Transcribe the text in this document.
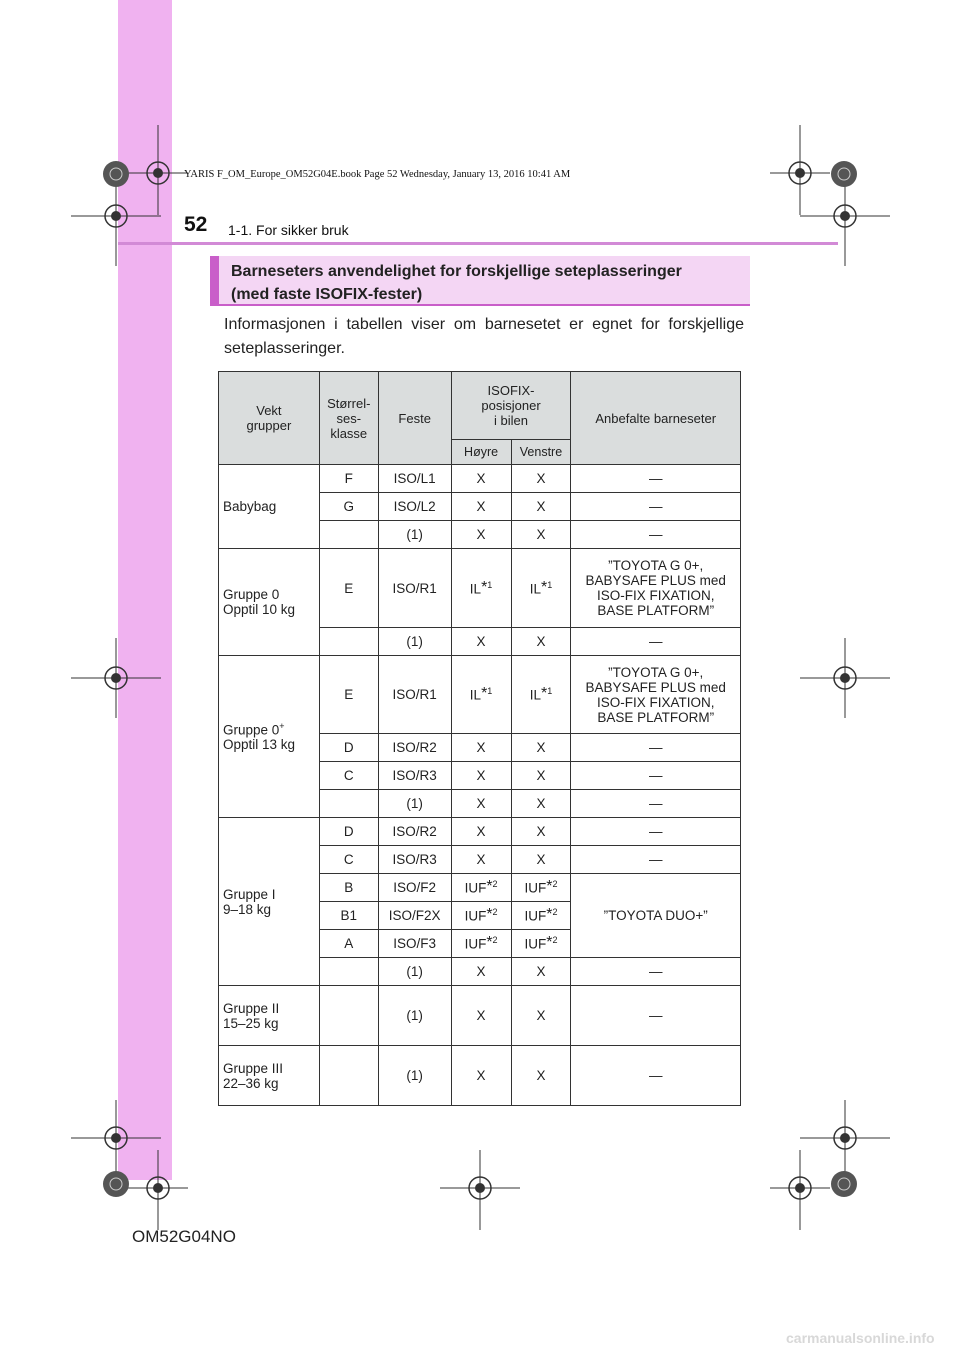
YARIS F_OM_Europe_OM52G04E.book Page 52 Wednesday, January 13, 2016 10:41 AM
52 1-1. For sikker bruk
Barneseters anvendelighet for forskjellige seteplasseringer
(med faste ISOFIX-fester)
Informasjonen i tabellen viser om barnesetet er egnet for forskjellige seteplasseringer.
Vekt
grupper	Størrel-
ses-
klasse	Feste	ISOFIX-
posisjoner
i bilen		Anbefalte barneseter
			Høyre	Venstre	
Babybag	F	ISO/L1	X	X	—
	G	ISO/L2	X	X	—
		(1)	X	X	—
Gruppe 0
Opptil 10 kg	E	ISO/R1	IL*$^1$	IL*$^1$	”TOYOTA G 0+,
BABYSAFE PLUS med
ISO-FIX FIXATION,
BASE PLATFORM”
		(1)	X	X	—
Gruppe 0+
Opptil 13 kg	E	ISO/R1	IL*$^1$	IL*$^1$	”TOYOTA G 0+,
BABYSAFE PLUS med
ISO-FIX FIXATION,
BASE PLATFORM”
	D	ISO/R2	X	X	—
	C	ISO/R3	X	X	—
		(1)	X	X	—
Gruppe I
9–18 kg	D	ISO/R2	X	X	—
	C	ISO/R3	X	X	—
	B	ISO/F2	IUF*$^2$	IUF*$^2$	”TOYOTA DUO+”
	B1	ISO/F2X	IUF*$^2$	IUF*$^2$
	A	ISO/F3	IUF*$^2$	IUF*$^2$
		(1)	X	X	—
Gruppe II
15–25 kg		(1)	X	X	—
Gruppe III
22–36 kg		(1)	X	X	—
OM52G04NO
carmanualsonline.info
